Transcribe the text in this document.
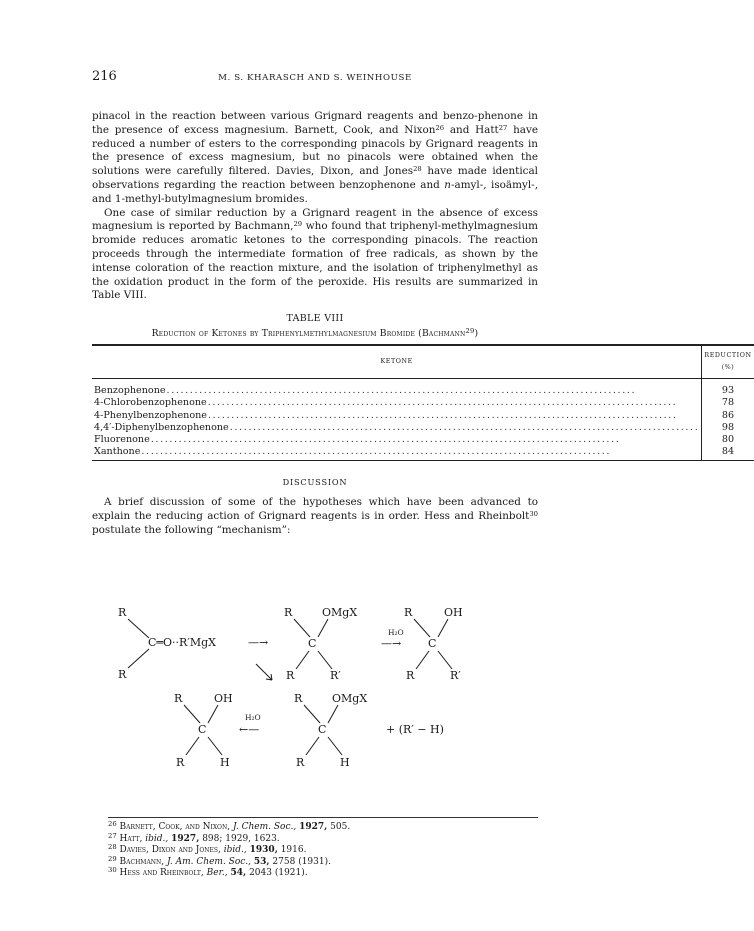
216	M. S. KHARASCH AND S. WEINHOUSE

pinacol in the reaction between various Grignard reagents and benzo-phenone in the presence of excess magnesium. Barnett, Cook, and Nixon$^{26}$ and Hatt$^{27}$ have reduced a number of esters to the corresponding pinacols by Grignard reagents in the presence of excess magnesium, but no pinacols were obtained when the solutions were carefully filtered. Davies, Dixon, and Jones$^{28}$ have made identical observations regarding the reaction between benzophenone and n-amyl-, isoämyl-, and 1-methyl-butylmagnesium bromides.

One case of similar reduction by a Grignard reagent in the absence of excess magnesium is reported by Bachmann,$^{29}$ who found that triphenyl-methylmagnesium bromide reduces aromatic ketones to the corresponding pinacols. The reaction proceeds through the intermediate formation of free radicals, as shown by the intense coloration of the reaction mixture, and the isolation of triphenylmethyl as the oxidation product in the form of the peroxide. His results are summarized in Table VIII.

TABLE VIII
Reduction of Ketones by Triphenylmethylmagnesium Bromide (Bachmann$^{29}$)
KETONE	REDUCTION (%)

Benzophenone .....................................................................................................	93

4-Chlorobenzophenone .....................................................................................................	78

4-Phenylbenzophenone .....................................................................................................	86

4,4′-Diphenylbenzophenone .....................................................................................................	98

Fluorenone .....................................................................................................	80

Xanthone .....................................................................................................	84
DISCUSSION

A brief discussion of some of the hypotheses which have been advanced to explain the reducing action of Grignard reagents is in order. Hess and Rheinbolt$^{30}$ postulate the following “mechanism”:

R
C═O··R′MgX
R
—→
R	OMgX
C
R	R′
H₂O
—→
R	OH
C
R	R′
R	OH
C
R	H
H₂O
←—
R	OMgX
C
R	H
+ (R′ − H)
$^{26}$ Barnett, Cook, and Nixon, J. Chem. Soc., 1927, 505.
$^{27}$ Hatt, ibid., 1927, 898; 1929, 1623.
$^{28}$ Davies, Dixon and Jones, ibid., 1930, 1916.
$^{29}$ Bachmann, J. Am. Chem. Soc., 53, 2758 (1931).
$^{30}$ Hess and Rheinbolt, Ber., 54, 2043 (1921).
